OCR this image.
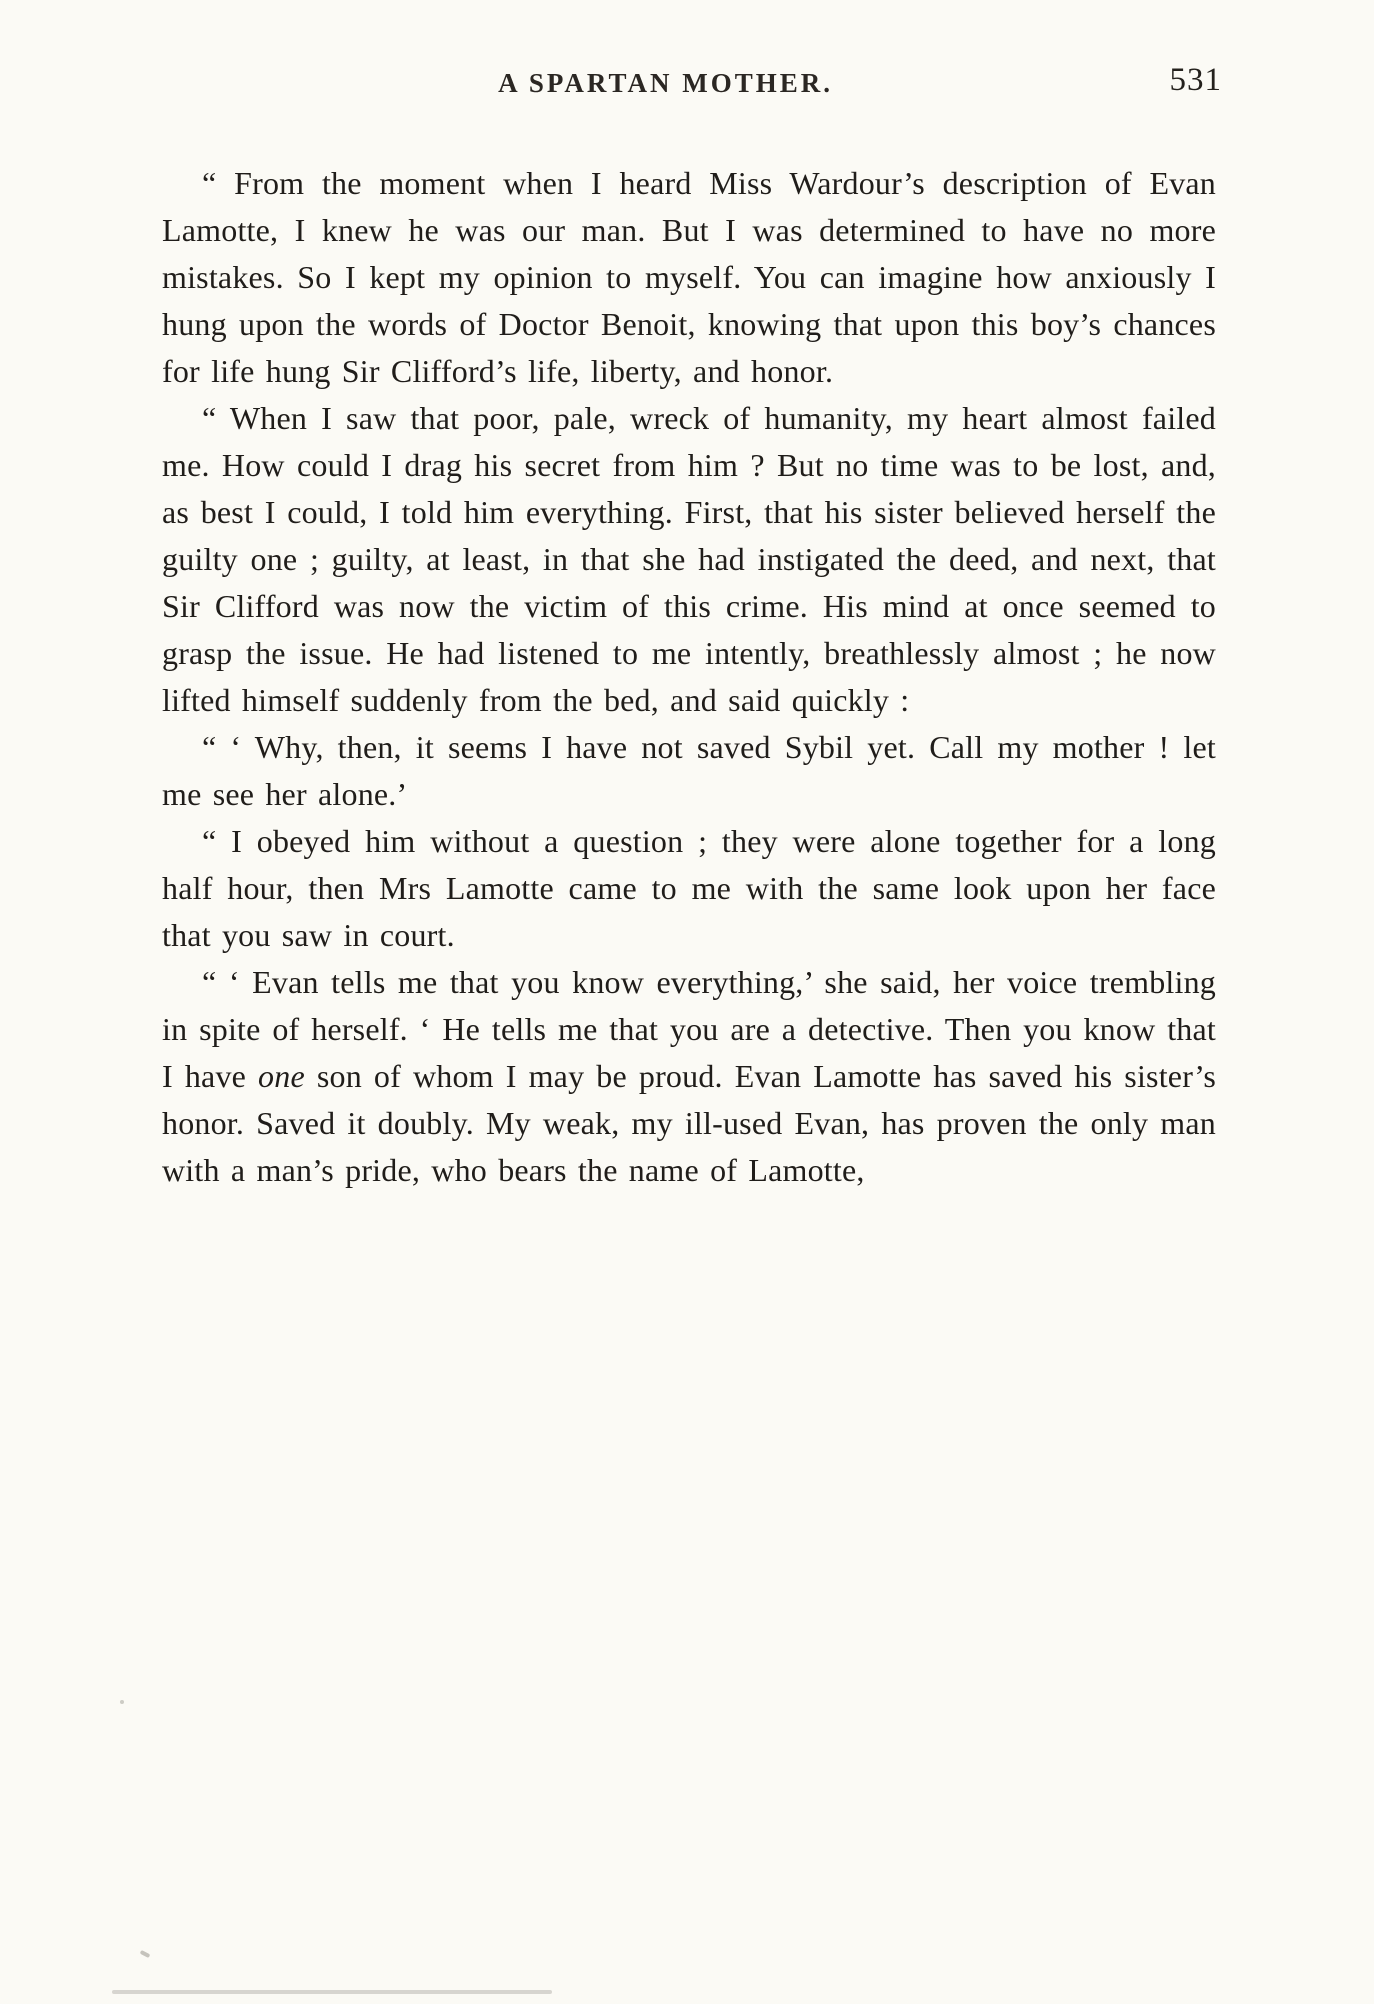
A SPARTAN MOTHER.	531

“ From the moment when I heard Miss Wardour’s description of Evan Lamotte, I knew he was our man. But I was determined to have no more mistakes. So I kept my opinion to myself. You can imagine how anxiously I hung upon the words of Doctor Benoit, knowing that upon this boy’s chances for life hung Sir Clifford’s life, liberty, and honor.

“ When I saw that poor, pale, wreck of humanity, my heart almost failed me. How could I drag his secret from him ? But no time was to be lost, and, as best I could, I told him everything. First, that his sister believed herself the guilty one ; guilty, at least, in that she had instigated the deed, and next, that Sir Clifford was now the victim of this crime. His mind at once seemed to grasp the issue. He had listened to me intently, breathlessly almost ; he now lifted himself suddenly from the bed, and said quickly :

“ ‘ Why, then, it seems I have not saved Sybil yet. Call my mother ! let me see her alone.’

“ I obeyed him without a question ; they were alone together for a long half hour, then Mrs Lamotte came to me with the same look upon her face that you saw in court.

“ ‘ Evan tells me that you know everything,’ she said, her voice trembling in spite of herself. ‘ He tells me that you are a detective. Then you know that I have one son of whom I may be proud. Evan Lamotte has saved his sister’s honor. Saved it doubly. My weak, my ill-used Evan, has proven the only man with a man’s pride, who bears the name of Lamotte,
